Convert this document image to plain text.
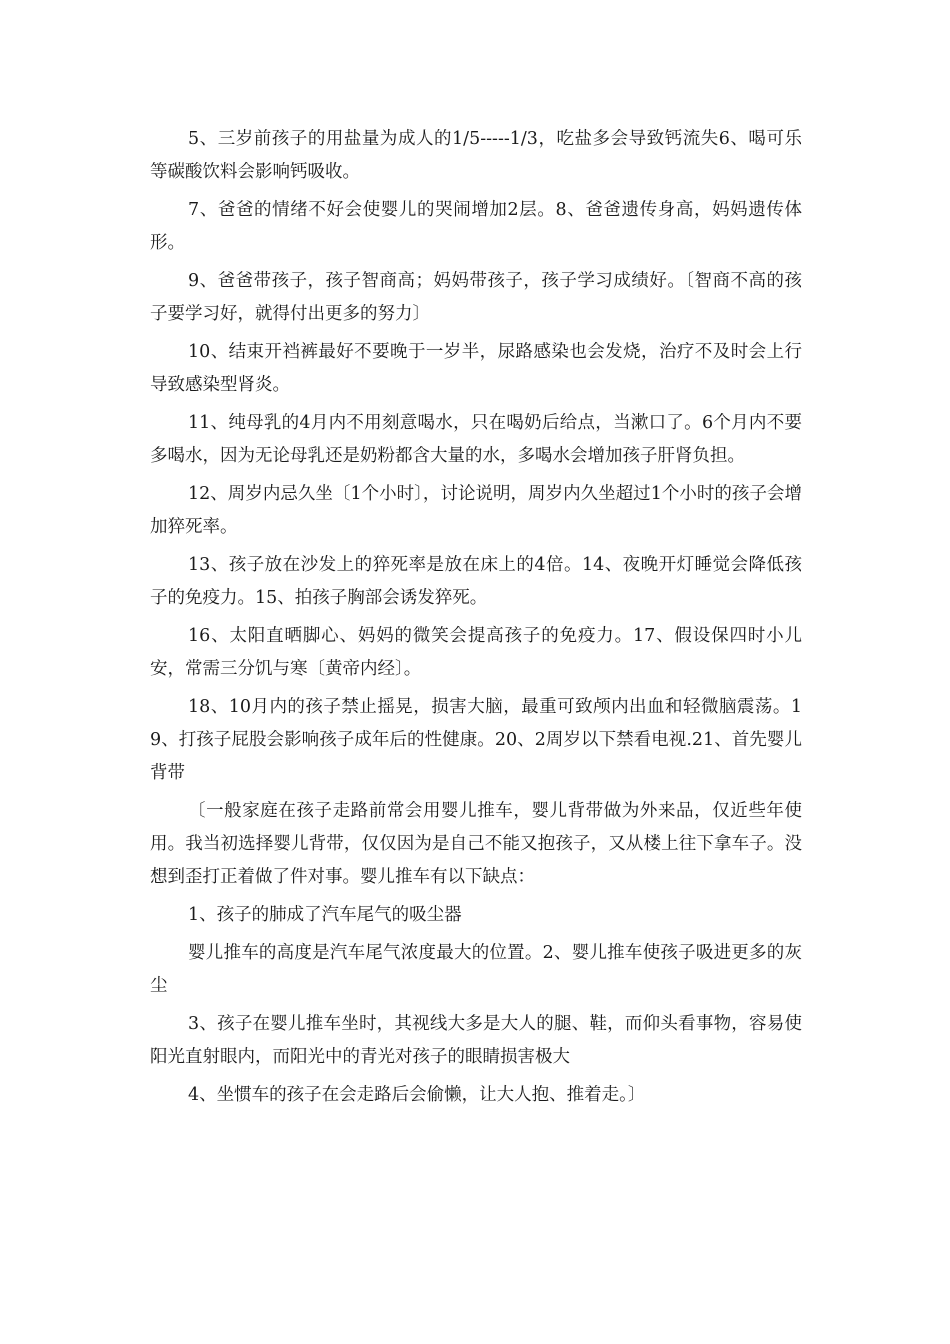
5、三岁前孩子的用盐量为成人的1/5-----1/3，吃盐多会导致钙流失6、喝可乐等碳酸饮料会影响钙吸收。

7、爸爸的情绪不好会使婴儿的哭闹增加2层。8、爸爸遗传身高，妈妈遗传体形。

9、爸爸带孩子，孩子智商高；妈妈带孩子，孩子学习成绩好。〔智商不高的孩子要学习好，就得付出更多的努力〕

10、结束开裆裤最好不要晚于一岁半，尿路感染也会发烧，治疗不及时会上行导致感染型肾炎。

11、纯母乳的4月内不用刻意喝水，只在喝奶后给点，当漱口了。6个月内不要多喝水，因为无论母乳还是奶粉都含大量的水，多喝水会增加孩子肝肾负担。

12、周岁内忌久坐〔1个小时〕，讨论说明，周岁内久坐超过1个小时的孩子会增加猝死率。

13、孩子放在沙发上的猝死率是放在床上的4倍。14、夜晚开灯睡觉会降低孩子的免疫力。15、拍孩子胸部会诱发猝死。

16、太阳直晒脚心、妈妈的微笑会提高孩子的免疫力。17、假设保四时小儿安，常需三分饥与寒〔黄帝内经〕。

18、10月内的孩子禁止摇晃，损害大脑，最重可致颅内出血和轻微脑震荡。19、打孩子屁股会影响孩子成年后的性健康。20、2周岁以下禁看电视.21、首先婴儿背带

〔一般家庭在孩子走路前常会用婴儿推车，婴儿背带做为外来品，仅近些年使用。我当初选择婴儿背带，仅仅因为是自己不能又抱孩子，又从楼上往下拿车子。没想到歪打正着做了件对事。婴儿推车有以下缺点：

1、孩子的肺成了汽车尾气的吸尘器

婴儿推车的高度是汽车尾气浓度最大的位置。2、婴儿推车使孩子吸进更多的灰尘

3、孩子在婴儿推车坐时，其视线大多是大人的腿、鞋，而仰头看事物，容易使阳光直射眼内，而阳光中的青光对孩子的眼睛损害极大

4、坐惯车的孩子在会走路后会偷懒，让大人抱、推着走。〕
